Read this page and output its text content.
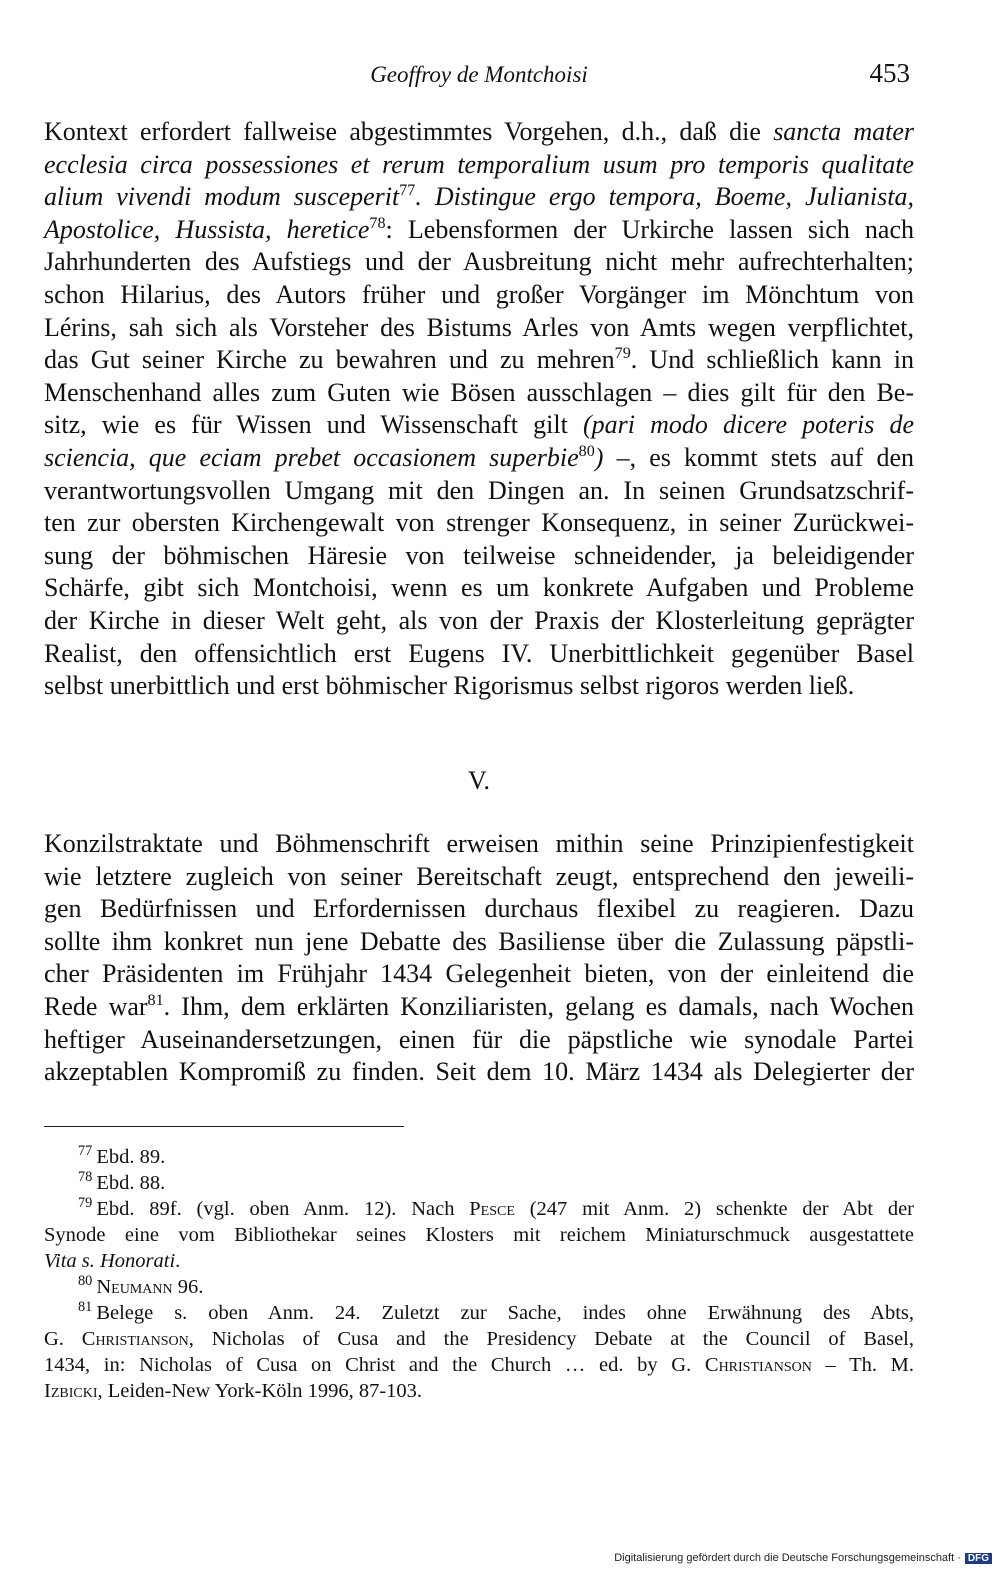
Geoffroy de Montchoisi	453
Kontext erfordert fallweise abgestimmtes Vorgehen, d.h., daß die sancta mater
ecclesia circa possessiones et rerum temporalium usum pro temporis qualitate
alium vivendi modum susceperit$^{77}$. Distingue ergo tempora, Boeme, Julianista,
Apostolice, Hussista, heretice$^{78}$: Lebensformen der Urkirche lassen sich nach
Jahrhunderten des Aufstiegs und der Ausbreitung nicht mehr aufrechterhalten;
schon Hilarius, des Autors früher und großer Vorgänger im Mönchtum von
Lérins, sah sich als Vorsteher des Bistums Arles von Amts wegen verpflichtet,
das Gut seiner Kirche zu bewahren und zu mehren$^{79}$. Und schließlich kann in
Menschenhand alles zum Guten wie Bösen ausschlagen – dies gilt für den Be-
sitz, wie es für Wissen und Wissenschaft gilt (pari modo dicere poteris de
sciencia, que eciam prebet occasionem superbie$^{80}$) –, es kommt stets auf den
verantwortungsvollen Umgang mit den Dingen an. In seinen Grundsatzschrif-
ten zur obersten Kirchengewalt von strenger Konsequenz, in seiner Zurückwei-
sung der böhmischen Häresie von teilweise schneidender, ja beleidigender
Schärfe, gibt sich Montchoisi, wenn es um konkrete Aufgaben und Probleme
der Kirche in dieser Welt geht, als von der Praxis der Klosterleitung geprägter
Realist, den offensichtlich erst Eugens IV. Unerbittlichkeit gegenüber Basel
selbst unerbittlich und erst böhmischer Rigorismus selbst rigoros werden ließ.
V.
Konzilstraktate und Böhmenschrift erweisen mithin seine Prinzipienfestigkeit
wie letztere zugleich von seiner Bereitschaft zeugt, entsprechend den jeweili-
gen Bedürfnissen und Erfordernissen durchaus flexibel zu reagieren. Dazu
sollte ihm konkret nun jene Debatte des Basiliense über die Zulassung päpstli-
cher Präsidenten im Frühjahr 1434 Gelegenheit bieten, von der einleitend die
Rede war$^{81}$. Ihm, dem erklärten Konziliaristen, gelang es damals, nach Wochen
heftiger Auseinandersetzungen, einen für die päpstliche wie synodale Partei
akzeptablen Kompromiß zu finden. Seit dem 10. März 1434 als Delegierter der
$^{77}$ Ebd. 89.
$^{78}$ Ebd. 88.
$^{79}$ Ebd. 89f. (vgl. oben Anm. 12). Nach Pesce (247 mit Anm. 2) schenkte der Abt der
Synode eine vom Bibliothekar seines Klosters mit reichem Miniaturschmuck ausgestattete
Vita s. Honorati.
$^{80}$ Neumann 96.
$^{81}$ Belege s. oben Anm. 24. Zuletzt zur Sache, indes ohne Erwähnung des Abts,
G. Christianson, Nicholas of Cusa and the Presidency Debate at the Council of Basel,
1434, in: Nicholas of Cusa on Christ and the Church … ed. by G. Christianson – Th. M.
Izbicki, Leiden-New York-Köln 1996, 87-103.
Digitalisierung gefördert durch die Deutsche Forschungsgemeinschaft · DFG
